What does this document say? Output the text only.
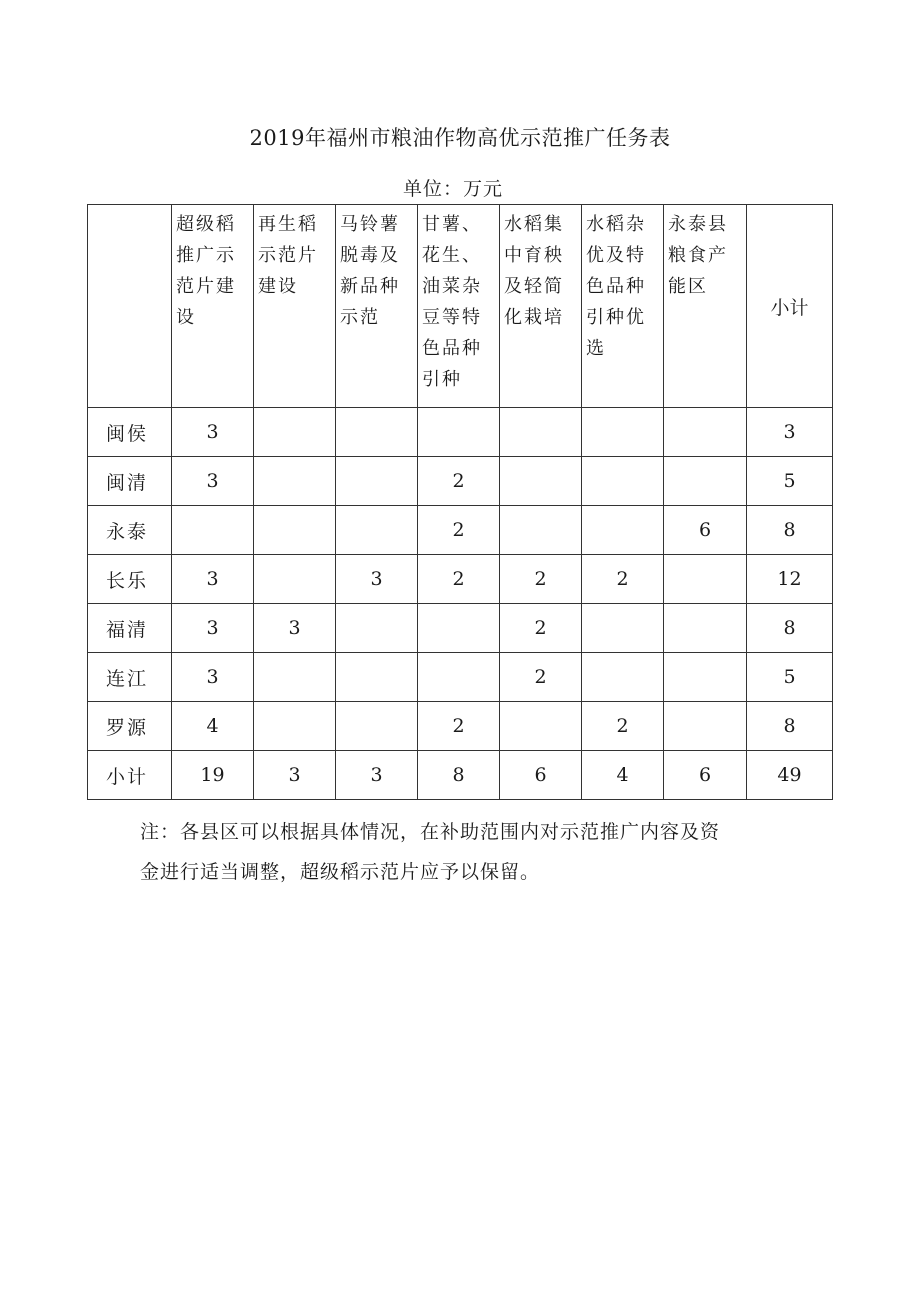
2019年福州市粮油作物高优示范推广任务表
单位：万元

	超级稻推广示范片建设	再生稻示范片建设	马铃薯脱毒及新品种示范	甘薯、花生、油菜杂豆等特色品种引种	水稻集中育秧及轻简化栽培	水稻杂优及特色品种引种优选	永泰县粮食产能区	小计
闽侯	3							3
闽清	3			2				5
永泰				2			6	8
长乐	3		3	2	2	2		12
福清	3	3			2			8
连江	3				2			5
罗源	4			2		2		8
小计	19	3	3	8	6	4	6	49
注：各县区可以根据具体情况，在补助范围内对示范推广内容及资
金进行适当调整，超级稻示范片应予以保留。
